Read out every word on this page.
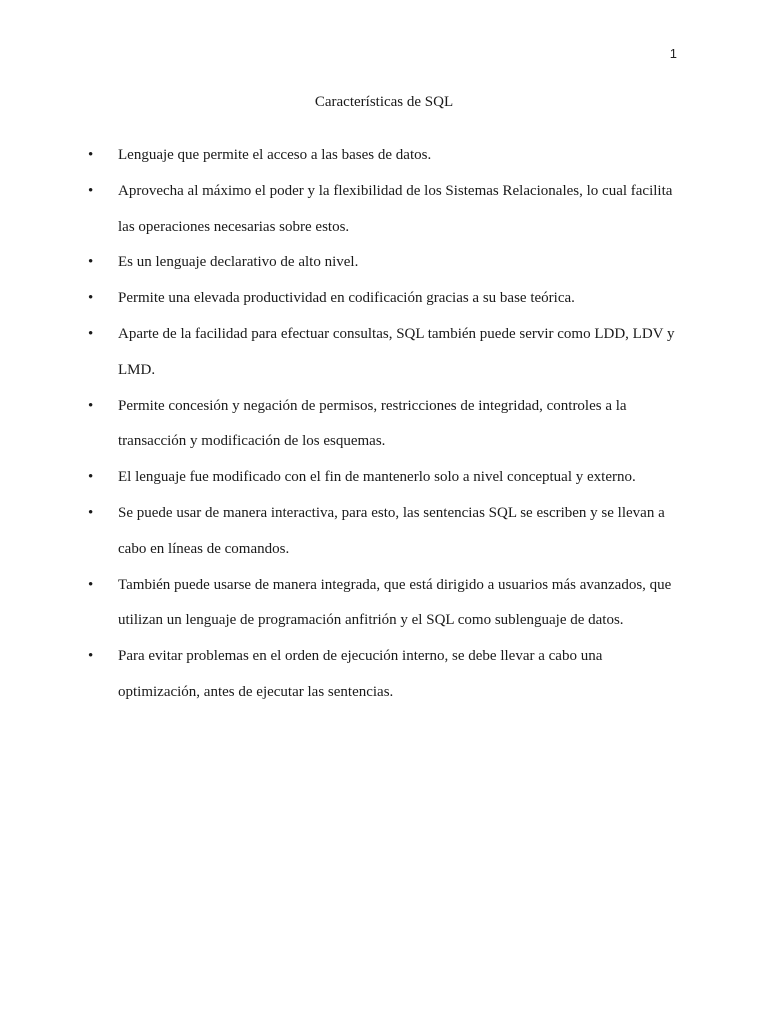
1
Características de SQL
•	Lenguaje que permite el acceso a las bases de datos.
•	Aprovecha al máximo el poder y la flexibilidad de los Sistemas Relacionales, lo cual facilita las operaciones necesarias sobre estos.
•	Es un lenguaje declarativo de alto nivel.
•	Permite una elevada productividad en codificación gracias a su base teórica.
•	Aparte de la facilidad para efectuar consultas, SQL también puede servir como LDD, LDV y LMD.
•	Permite concesión y negación de permisos, restricciones de integridad, controles a la transacción y modificación de los esquemas.
•	El lenguaje fue modificado con el fin de mantenerlo solo a nivel conceptual y externo.
•	Se puede usar de manera interactiva, para esto, las sentencias SQL se escriben y se llevan a cabo en líneas de comandos.
•	También puede usarse de manera integrada, que está dirigido a usuarios más avanzados, que utilizan un lenguaje de programación anfitrión y el SQL como sublenguaje de datos.
•	Para evitar problemas en el orden de ejecución interno, se debe llevar a cabo una optimización, antes de ejecutar las sentencias.
